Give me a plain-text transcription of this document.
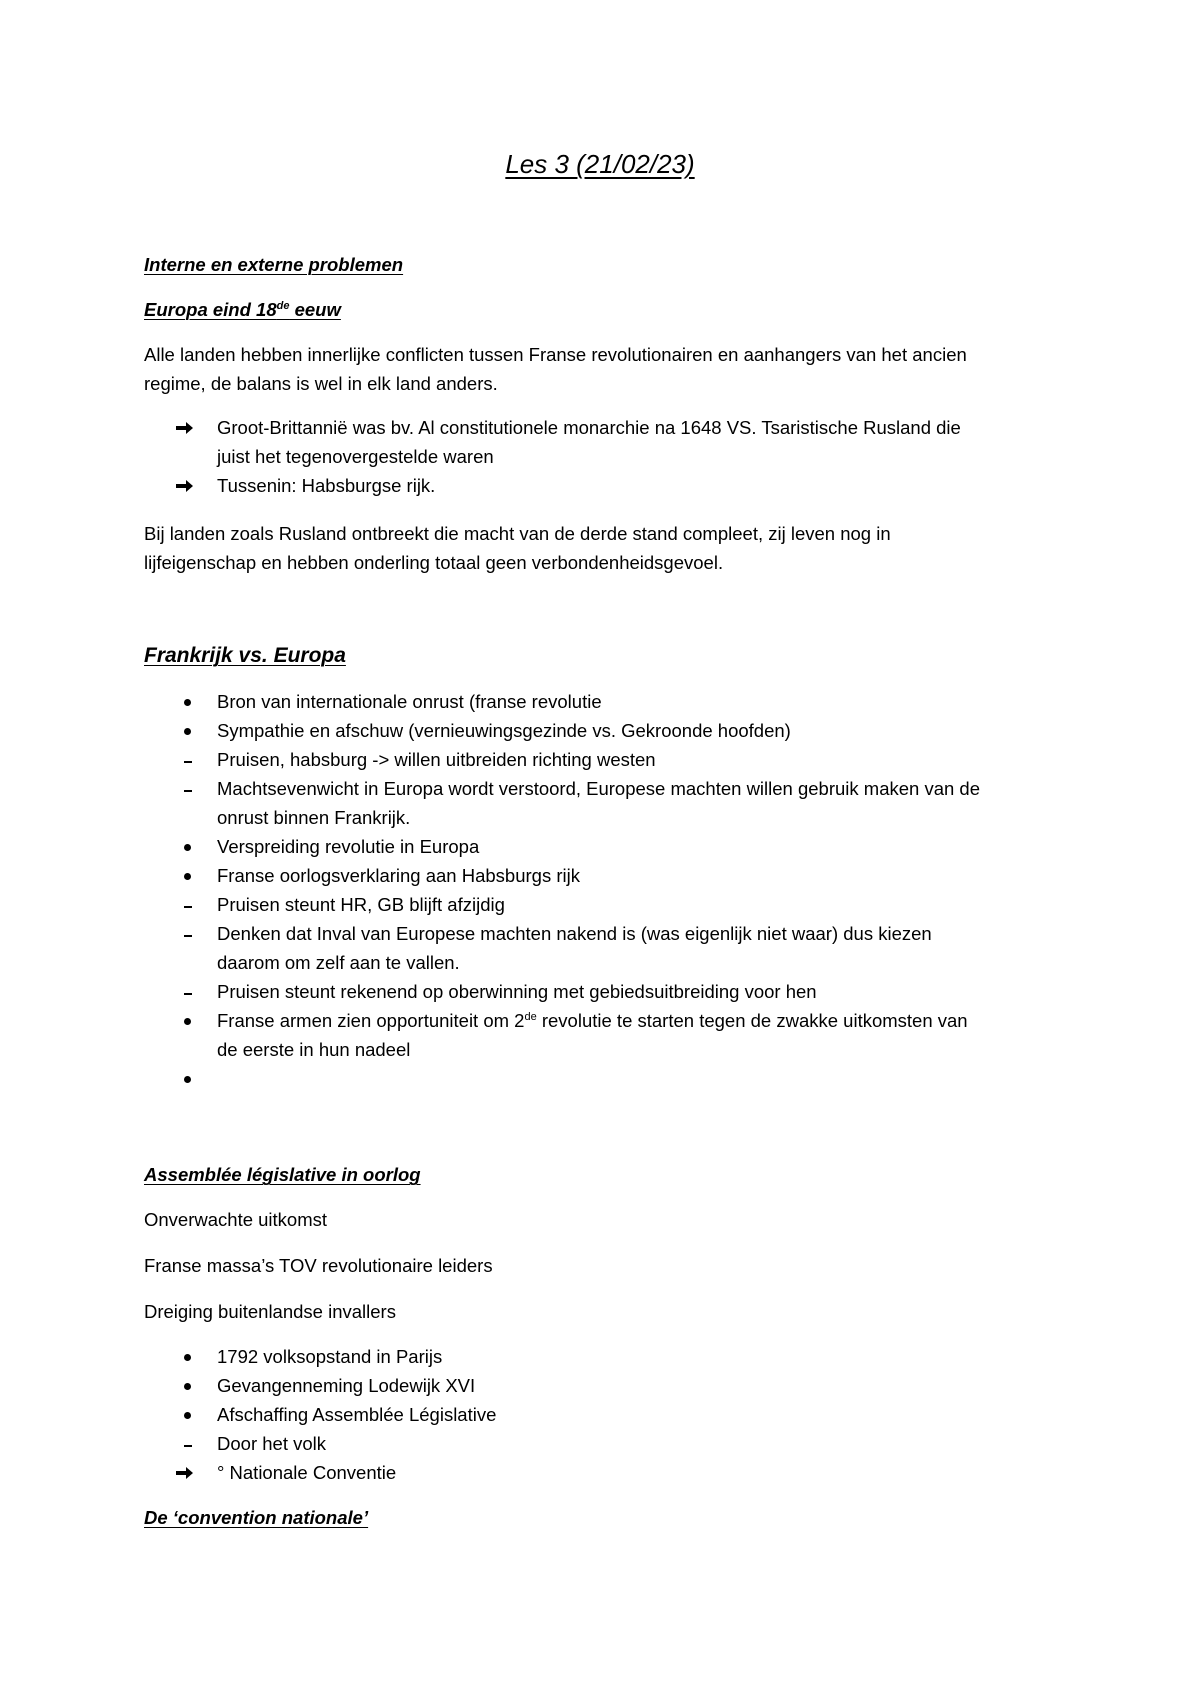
Les 3 (21/02/23)
Interne en externe problemen
Europa eind 18de eeuw
Alle landen hebben innerlijke conflicten tussen Franse revolutionairen en aanhangers van het ancien
regime, de balans is wel in elk land anders.
Groot-Brittannië was bv. Al constitutionele monarchie na 1648 VS. Tsaristische Rusland die
juist het tegenovergestelde waren
Tussenin: Habsburgse rijk.
Bij landen zoals Rusland ontbreekt die macht van de derde stand compleet, zij leven nog in
lijfeigenschap en hebben onderling totaal geen verbondenheidsgevoel.
Frankrijk vs. Europa
Bron van internationale onrust (franse revolutie
Sympathie en afschuw (vernieuwingsgezinde vs. Gekroonde hoofden)
Pruisen, habsburg -> willen uitbreiden richting westen
Machtsevenwicht in Europa wordt verstoord, Europese machten willen gebruik maken van de
onrust binnen Frankrijk.
Verspreiding revolutie in Europa
Franse oorlogsverklaring aan Habsburgs rijk
Pruisen steunt HR, GB blijft afzijdig
Denken dat Inval van Europese machten nakend is (was eigenlijk niet waar) dus kiezen
daarom om zelf aan te vallen.
Pruisen steunt rekenend op oberwinning met gebiedsuitbreiding voor hen
Franse armen zien opportuniteit om 2de revolutie te starten tegen de zwakke uitkomsten van
de eerste in hun nadeel
Assemblée législative in oorlog
Onverwachte uitkomst
Franse massa’s TOV revolutionaire leiders
Dreiging buitenlandse invallers
1792 volksopstand in Parijs
Gevangenneming Lodewijk XVI
Afschaffing Assemblée Législative
Door het volk
° Nationale Conventie
De ‘convention nationale’
